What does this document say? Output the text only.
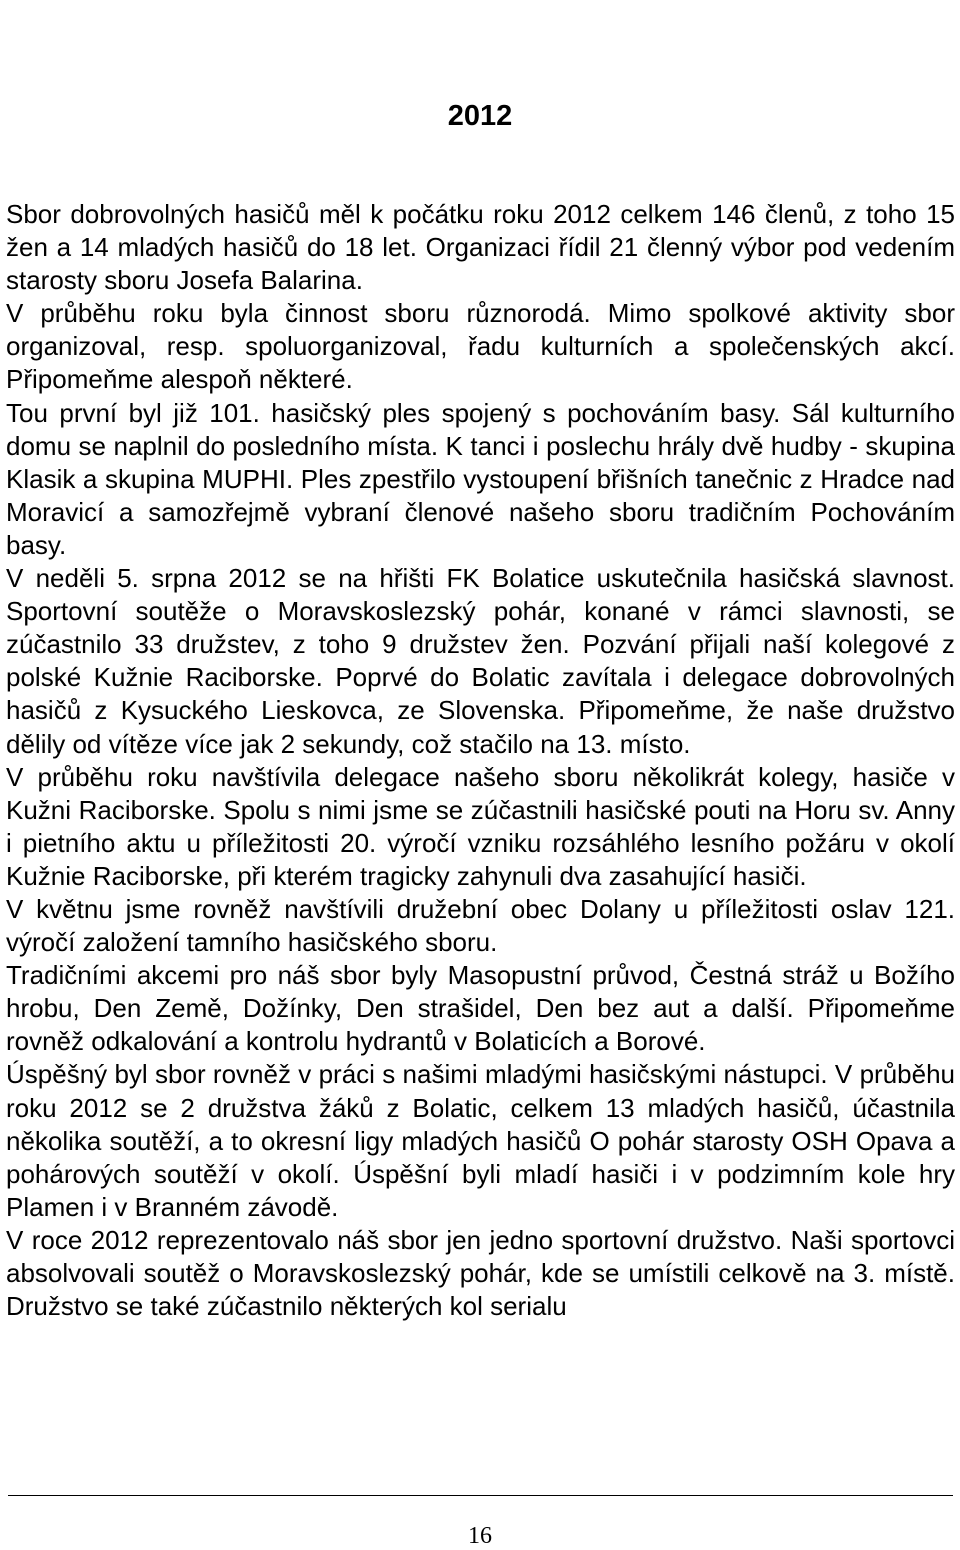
2012

Sbor dobrovolných hasičů měl k počátku roku 2012 celkem 146 členů, z toho 15 žen a 14 mladých hasičů do 18 let. Organizaci řídil 21 členný výbor pod vedením starosty sboru Josefa Balarina.

V průběhu roku byla činnost sboru různorodá. Mimo spolkové aktivity sbor organizoval, resp. spoluorganizoval, řadu kulturních a společenských akcí. Připomeňme alespoň některé.

Tou první byl již 101. hasičský ples spojený s pochováním basy. Sál kulturního domu se naplnil do posledního místa. K tanci i poslechu hrály dvě hudby - skupina Klasik a skupina MUPHI. Ples zpestřilo vystoupení břišních tanečnic z Hradce nad Moravicí a samozřejmě vybraní členové našeho sboru tradičním Pochováním basy.

V neděli 5. srpna 2012 se na hřišti FK Bolatice uskutečnila hasičská slavnost. Sportovní soutěže o Moravskoslezský pohár, konané v rámci slavnosti, se zúčastnilo 33 družstev, z toho 9 družstev žen. Pozvání přijali naší kolegové z polské Kužnie Raciborske. Poprvé do Bolatic zavítala i delegace dobrovolných hasičů z Kysuckého Lieskovca, ze Slovenska. Připomeňme, že naše družstvo dělily od vítěze více jak 2 sekundy, což stačilo na 13. místo.

V průběhu roku navštívila delegace našeho sboru několikrát kolegy, hasiče v Kužni Raciborske. Spolu s nimi jsme se zúčastnili hasičské pouti na Horu sv. Anny i pietního aktu u příležitosti 20. výročí vzniku rozsáhlého lesního požáru v okolí Kužnie Raciborske, při kterém tragicky zahynuli dva zasahující hasiči.

V květnu jsme rovněž navštívili družební obec Dolany u příležitosti oslav 121. výročí založení tamního hasičského sboru.

Tradičními akcemi pro náš sbor byly Masopustní průvod, Čestná stráž u Božího hrobu, Den Země, Dožínky, Den strašidel, Den bez aut a další. Připomeňme rovněž odkalování a kontrolu hydrantů v Bolaticích a Borové.

Úspěšný byl sbor rovněž v práci s našimi mladými hasičskými nástupci. V průběhu roku 2012 se 2 družstva žáků z Bolatic, celkem 13 mladých hasičů, účastnila několika soutěží, a to okresní ligy mladých hasičů O pohár starosty OSH Opava a pohárových soutěží v okolí. Úspěšní byli mladí hasiči i v podzimním kole hry Plamen i v Branném závodě.

V roce 2012 reprezentovalo náš sbor jen jedno sportovní družstvo. Naši sportovci absolvovali soutěž o Moravskoslezský pohár, kde se umístili celkově na 3. místě. Družstvo se také zúčastnilo některých kol serialu

16
